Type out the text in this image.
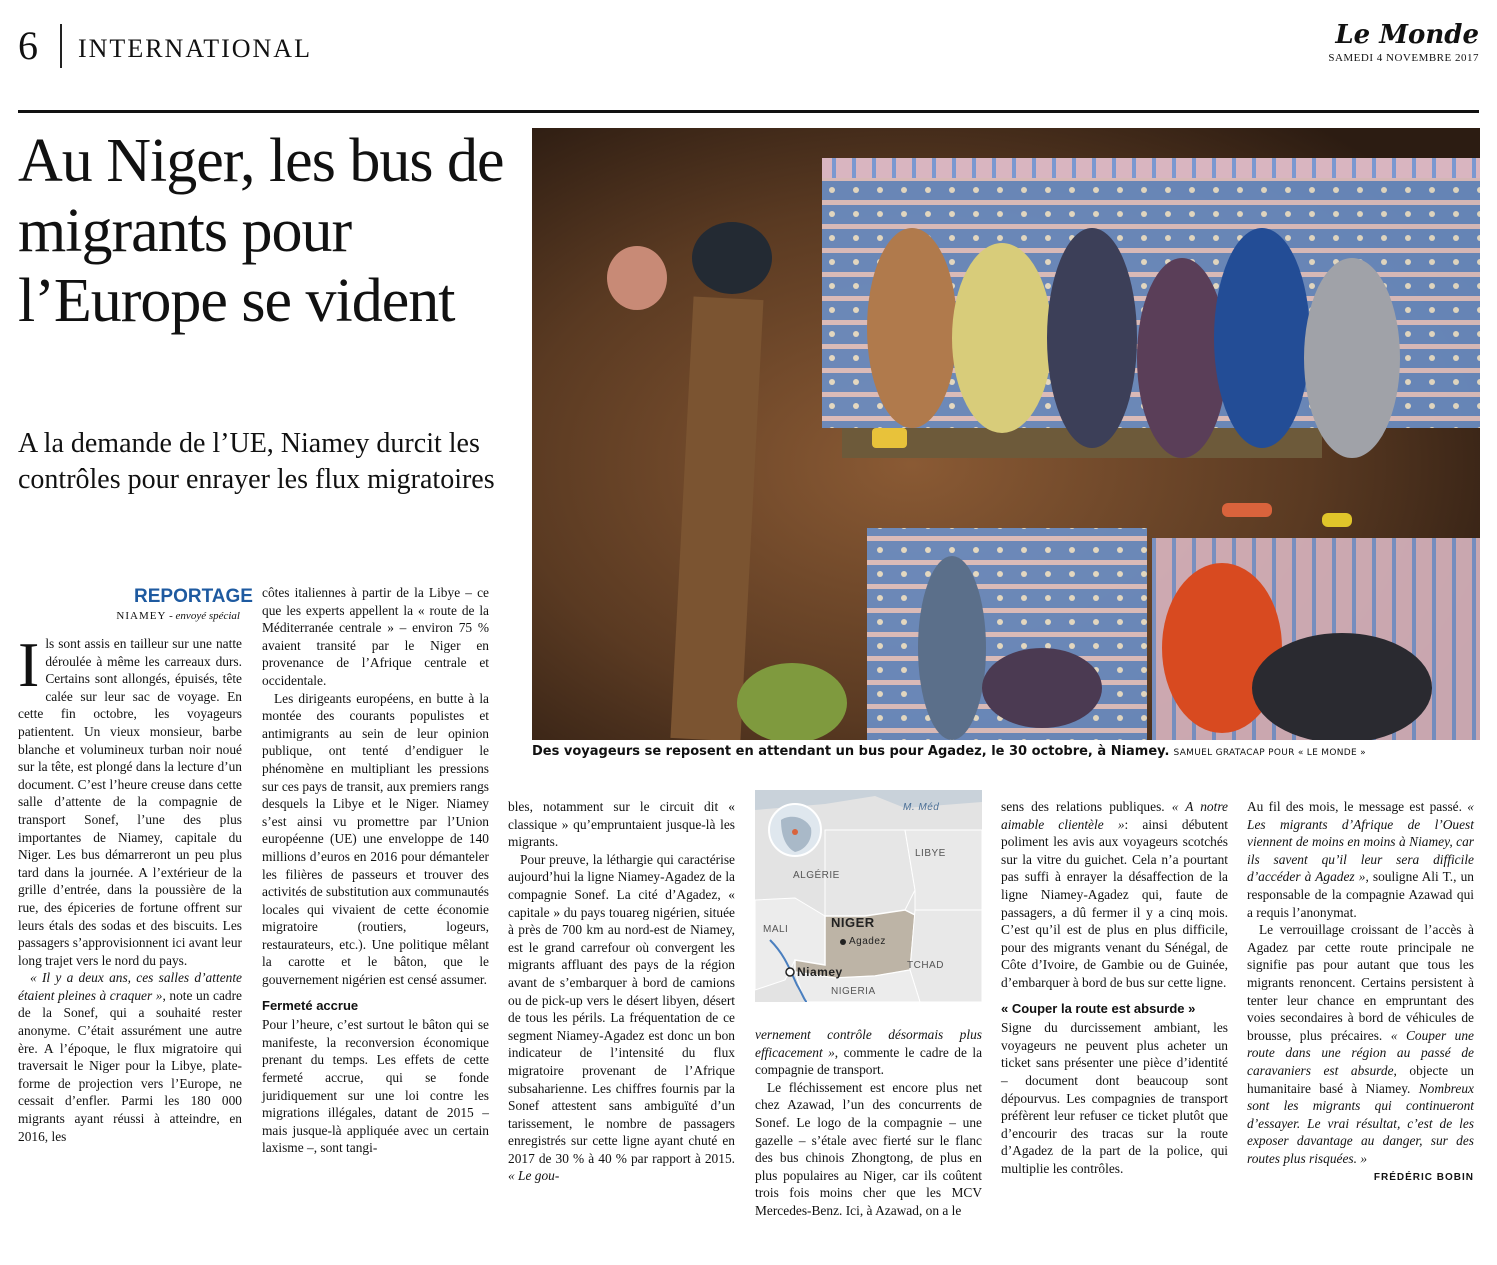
6 INTERNATIONAL	Le Monde
SAMEDI 4 NOVEMBRE 2017
Au Niger, les bus de migrants pour l’Europe se vident
A la demande de l’UE, Niamey durcit les contrôles pour enrayer les flux migratoires
Des voyageurs se reposent en attendant un bus pour Agadez, le 30 octobre, à Niamey. SAMUEL GRATACAP POUR « LE MONDE »
REPORTAGE
NIAMEY - envoyé spécial

Ils sont assis en tailleur sur une natte déroulée à même les carreaux durs. Certains sont allongés, épuisés, tête calée sur leur sac de voyage. En cette fin octobre, les voyageurs patientent. Un vieux monsieur, barbe blanche et volumineux turban noir noué sur la tête, est plongé dans la lecture d’un document. C’est l’heure creuse dans cette salle d’attente de la compagnie de transport Sonef, l’une des plus importantes de Niamey, capitale du Niger. Les bus démarreront un peu plus tard dans la journée. A l’extérieur de la grille d’entrée, dans la poussière de la rue, des épiceries de fortune offrent sur leurs étals des sodas et des biscuits. Les passagers s’approvisionnent ici avant leur long trajet vers le nord du pays.

« Il y a deux ans, ces salles d’attente étaient pleines à craquer », note un cadre de la Sonef, qui a souhaité rester anonyme. C’était assurément une autre ère. A l’époque, le flux migratoire qui traversait le Niger pour la Libye, plate-forme de projection vers l’Europe, ne cessait d’enfler. Parmi les 180 000 migrants ayant réussi à atteindre, en 2016, les

côtes italiennes à partir de la Libye – ce que les experts appellent la « route de la Méditerranée centrale » – environ 75 % avaient transité par le Niger en provenance de l’Afrique centrale et occidentale.

Les dirigeants européens, en butte à la montée des courants populistes et antimigrants au sein de leur opinion publique, ont tenté d’endiguer le phénomène en multipliant les pressions sur ces pays de transit, aux premiers rangs desquels la Libye et le Niger. Niamey s’est ainsi vu promettre par l’Union européenne (UE) une enveloppe de 140 millions d’euros en 2016 pour démanteler les filières de passeurs et trouver des activités de substitution aux communautés locales qui vivaient de cette économie migratoire (routiers, logeurs, restaurateurs, etc.). Une politique mêlant la carotte et le bâton, que le gouvernement nigérien est censé assumer.

Fermeté accrue

Pour l’heure, c’est surtout le bâton qui se manifeste, la reconversion économique prenant du temps. Les effets de cette fermeté accrue, qui se fonde juridiquement sur une loi contre les migrations illégales, datant de 2015 – mais jusque-là appliquée avec un certain laxisme –, sont tangi-

bles, notamment sur le circuit dit « classique » qu’empruntaient jusque-là les migrants.

Pour preuve, la léthargie qui caractérise aujourd’hui la ligne Niamey-Agadez de la compagnie Sonef. La cité d’Agadez, « capitale » du pays touareg nigérien, située à près de 700 km au nord-est de Niamey, est le grand carrefour où convergent les migrants affluant des pays de la région avant de s’embarquer à bord de camions ou de pick-up vers le désert libyen, désert de tous les périls. La fréquentation de ce segment Niamey-Agadez est donc un bon indicateur de l’intensité du flux migratoire provenant de l’Afrique subsaharienne. Les chiffres fournis par la Sonef attestent sans ambiguïté d’un tarissement, le nombre de passagers enregistrés sur cette ligne ayant chuté en 2017 de 30 % à 40 % par rapport à 2015. « Le gou-

M. Méd
ALGÉRIE
LIBYE
MALI	NIGER
Agadez
Niamey	TCHAD
NIGERIA

vernement contrôle désormais plus efficacement », commente le cadre de la compagnie de transport.

Le fléchissement est encore plus net chez Azawad, l’un des concurrents de Sonef. Le logo de la compagnie – une gazelle – s’étale avec fierté sur le flanc des bus chinois Zhongtong, de plus en plus populaires au Niger, car ils coûtent trois fois moins cher que les MCV Mercedes-Benz. Ici, à Azawad, on a le

sens des relations publiques. « A notre aimable clientèle »: ainsi débutent poliment les avis aux voyageurs scotchés sur la vitre du guichet. Cela n’a pourtant pas suffi à enrayer la désaffection de la ligne Niamey-Agadez qui, faute de passagers, a dû fermer il y a cinq mois. C’est qu’il est de plus en plus difficile, pour des migrants venant du Sénégal, de Côte d’Ivoire, de Gambie ou de Guinée, d’embarquer à bord de bus sur cette ligne.

« Couper la route est absurde »

Signe du durcissement ambiant, les voyageurs ne peuvent plus acheter un ticket sans présenter une pièce d’identité – document dont beaucoup sont dépourvus. Les compagnies de transport préfèrent leur refuser ce ticket plutôt que d’encourir des tracas sur la route d’Agadez de la part de la police, qui multiplie les contrôles.

Au fil des mois, le message est passé. « Les migrants d’Afrique de l’Ouest viennent de moins en moins à Niamey, car ils savent qu’il leur sera difficile d’accéder à Agadez », souligne Ali T., un responsable de la compagnie Azawad qui a requis l’anonymat.

Le verrouillage croissant de l’accès à Agadez par cette route principale ne signifie pas pour autant que tous les migrants renoncent. Certains persistent à tenter leur chance en empruntant des voies secondaires à bord de véhicules de brousse, plus précaires. « Couper une route dans une région au passé de caravaniers est absurde, objecte un humanitaire basé à Niamey. Nombreux sont les migrants qui continueront d’essayer. Le vrai résultat, c’est de les exposer davantage au danger, sur des routes plus risquées. »

FRÉDÉRIC BOBIN
